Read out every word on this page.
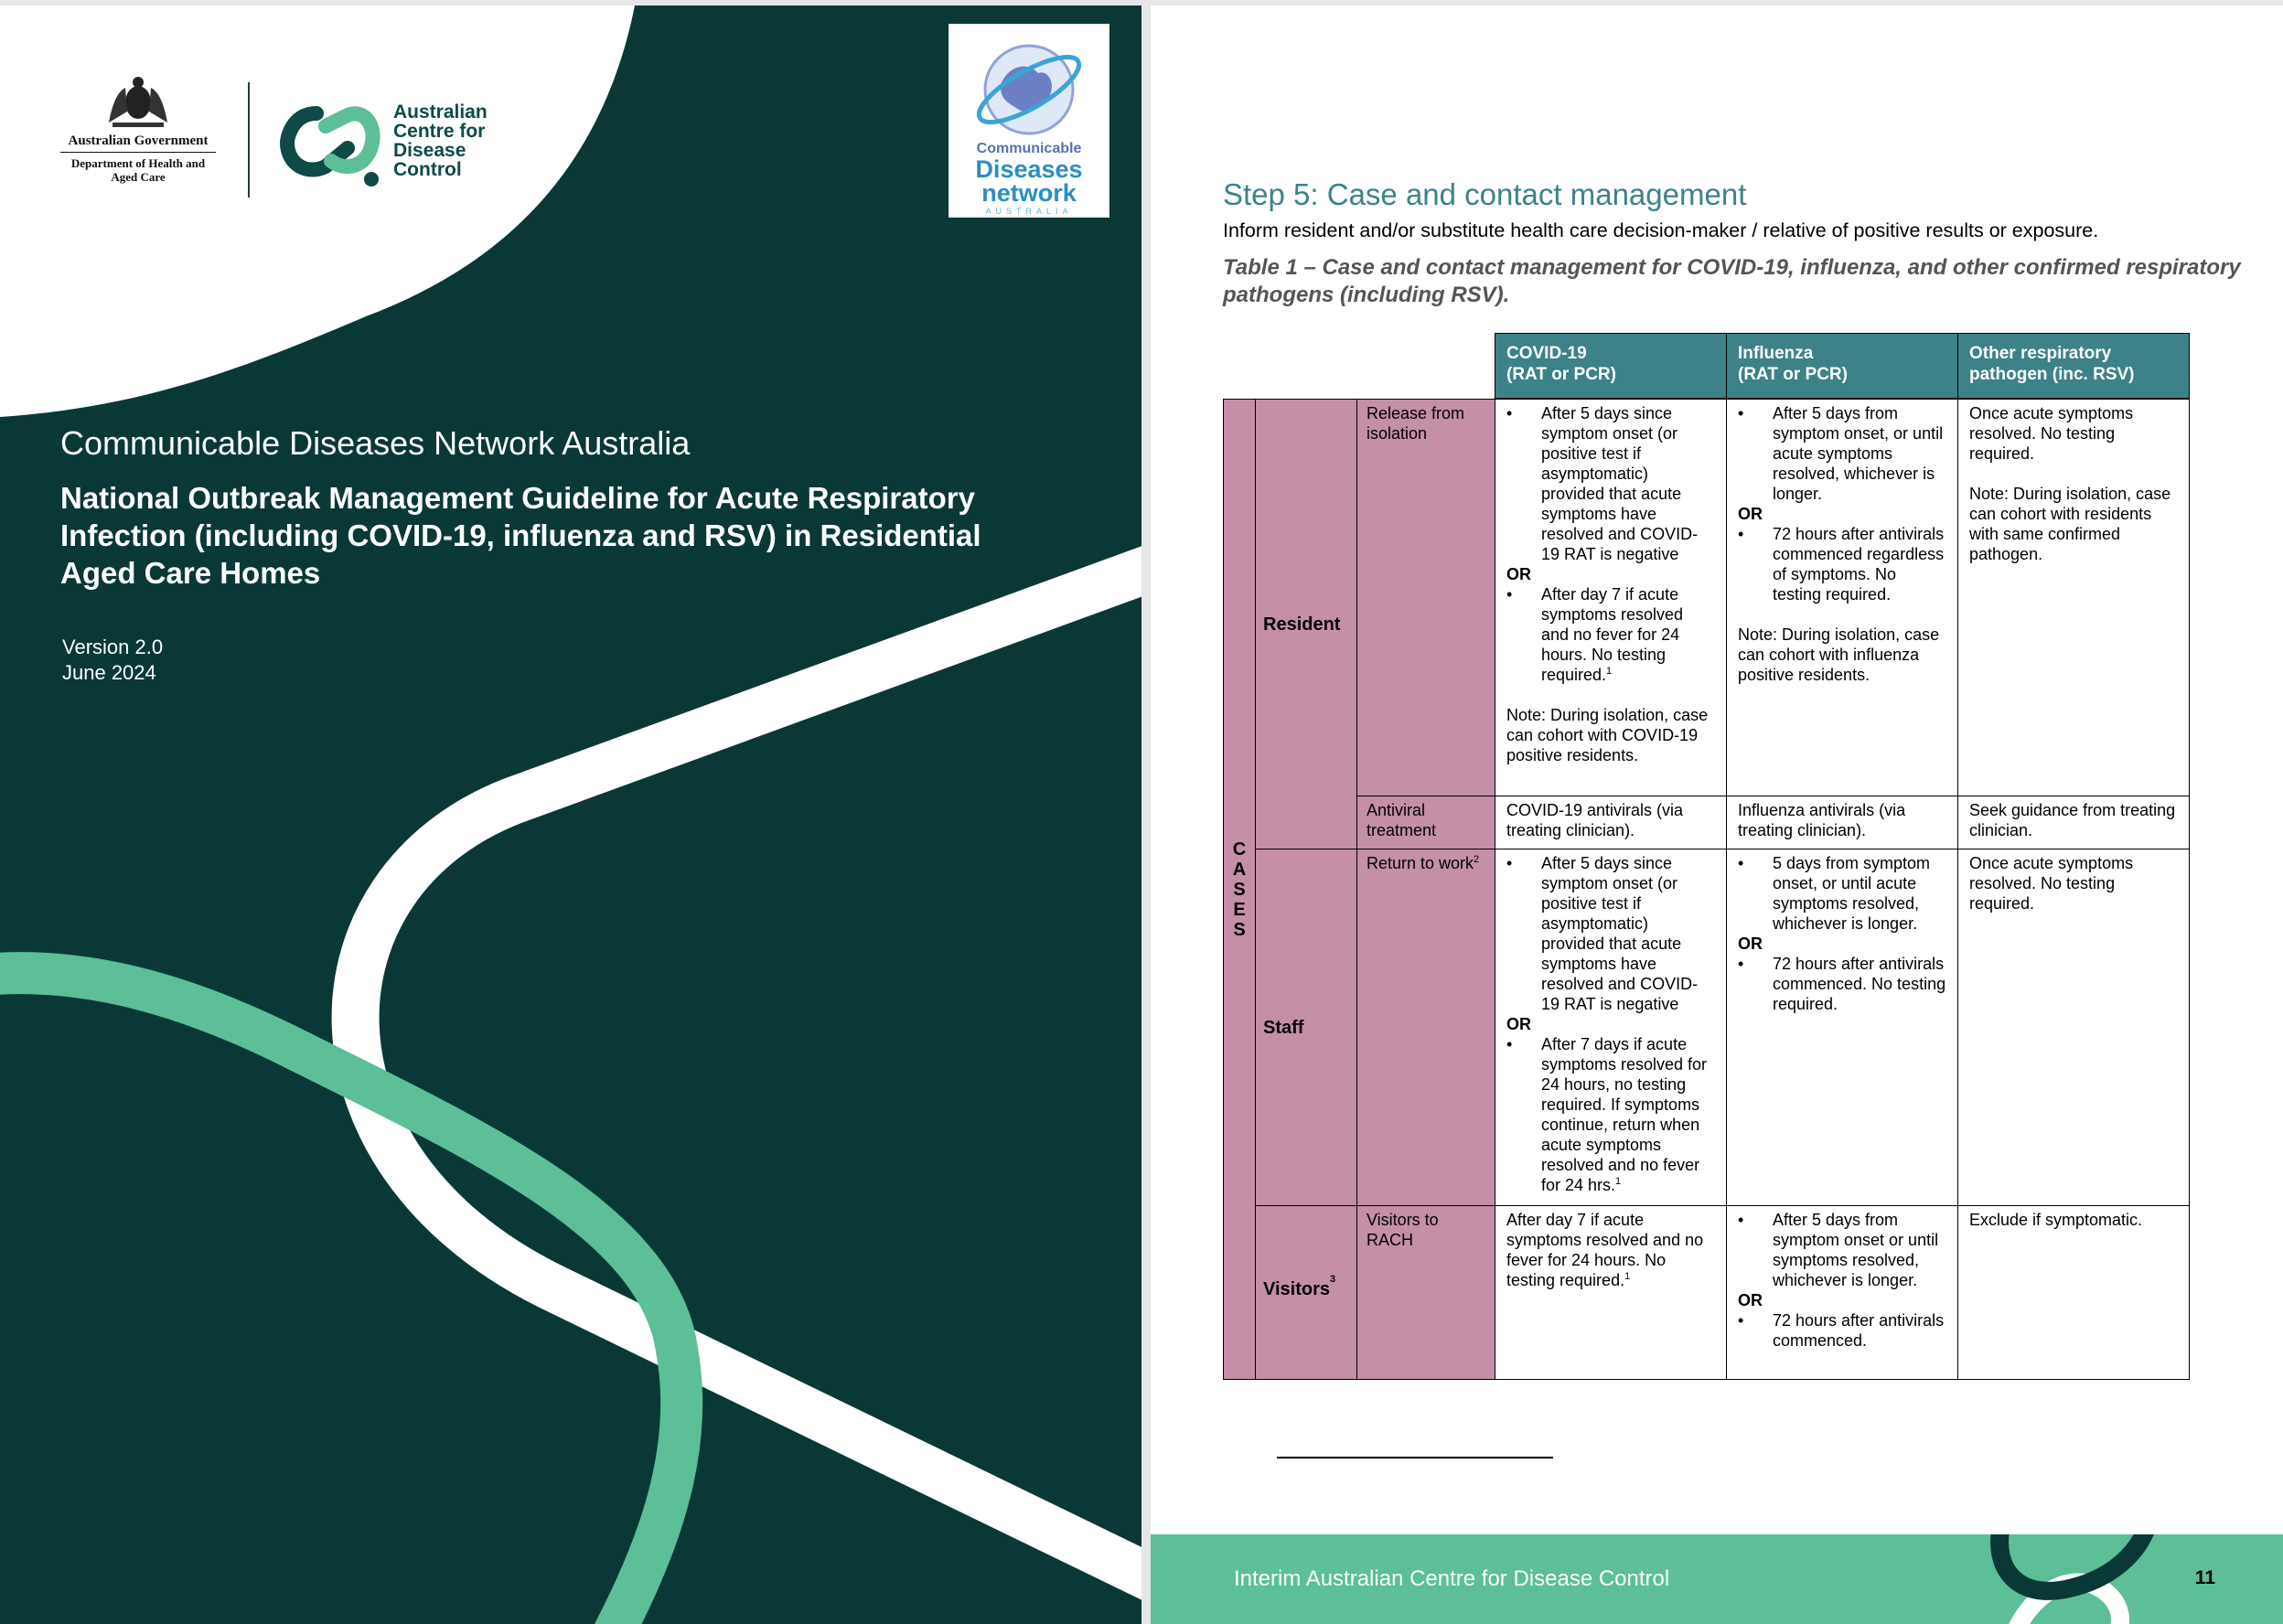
Australian Government
Department of Health and Aged Care
Australian Centre for Disease Control
Communicable
Diseases
network
AUSTRALIA
Communicable Diseases Network Australia
National Outbreak Management Guideline for Acute Respiratory Infection (including COVID-19, influenza and RSV) in Residential Aged Care Homes
Version 2.0
June 2024
Step 5: Case and contact management
Inform resident and/or substitute health care decision-maker / relative of positive results or exposure.
Table 1 – Case and contact management for COVID-19, influenza, and other confirmed respiratory pathogens (including RSV).
COVID-19
(RAT or PCR)
Influenza
(RAT or PCR)
Other respiratory
pathogen (inc. RSV)
CASES
Resident
Staff
Visitors 3
Release from isolation
Antiviral treatment
Return to work$^2$
Visitors to RACH
• After 5 days since symptom onset (or positive test if asymptomatic) provided that acute symptoms have resolved and COVID-19 RAT is negative
OR
• After day 7 if acute symptoms resolved and no fever for 24 hours. No testing required.$^1$
Note: During isolation, case can cohort with COVID-19 positive residents.
• After 5 days from symptom onset, or until acute symptoms resolved, whichever is longer.
OR
• 72 hours after antivirals commenced regardless of symptoms. No testing required.
Note: During isolation, case can cohort with influenza positive residents.
Once acute symptoms resolved. No testing required.
Note: During isolation, case can cohort with residents with same confirmed pathogen.
COVID-19 antivirals (via treating clinician).
Influenza antivirals (via treating clinician).
Seek guidance from treating clinician.
• After 5 days since symptom onset (or positive test if asymptomatic) provided that acute symptoms have resolved and COVID-19 RAT is negative
OR
• After 7 days if acute symptoms resolved for 24 hours, no testing required. If symptoms continue, return when acute symptoms resolved and no fever for 24 hrs.$^1$
• 5 days from symptom onset, or until acute symptoms resolved, whichever is longer.
OR
• 72 hours after antivirals commenced. No testing required.
Once acute symptoms resolved. No testing required.
After day 7 if acute symptoms resolved and no fever for 24 hours. No testing required.$^1$
• After 5 days from symptom onset or until symptoms resolved, whichever is longer.
OR
• 72 hours after antivirals commenced.
Exclude if symptomatic.
Interim Australian Centre for Disease Control	11
